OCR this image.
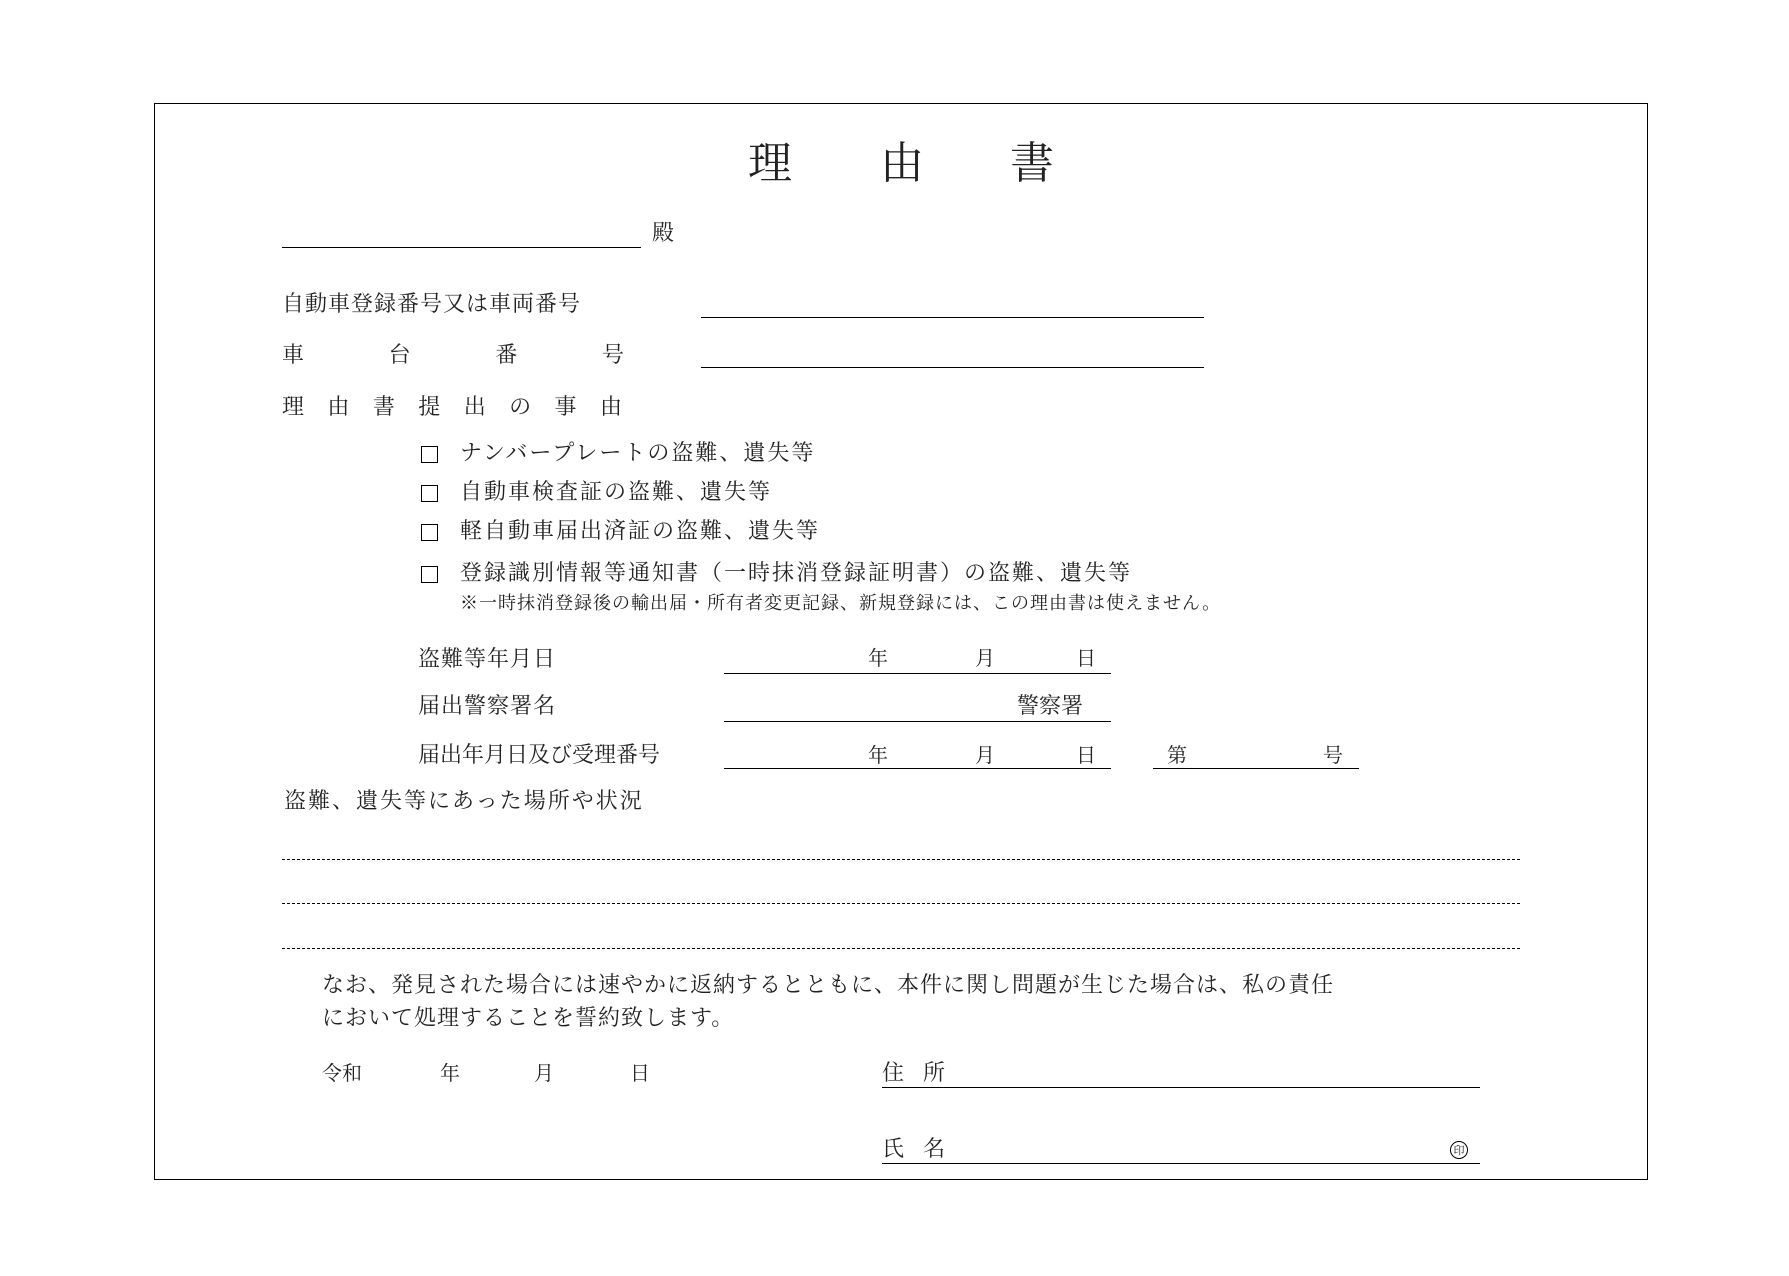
理 由 書
殿
自動車登録番号又は車両番号
車　台　番　号
理由書提出の事由
ナンバープレートの盗難、遺失等
自動車検査証の盗難、遺失等
軽自動車届出済証の盗難、遺失等
登録識別情報等通知書（一時抹消登録証明書）の盗難、遺失等
※一時抹消登録後の輸出届・所有者変更記録、新規登録には、この理由書は使えません。
盗難等年月日	年	月	日
届出警察署名	警察署
届出年月日及び受理番号	年	月	日	第	号
盗難、遺失等にあった場所や状況
なお、発見された場合には速やかに返納するとともに、本件に関し問題が生じた場合は、私の責任
において処理することを誓約致します。
令和	年	月	日	住 所
氏 名	印
